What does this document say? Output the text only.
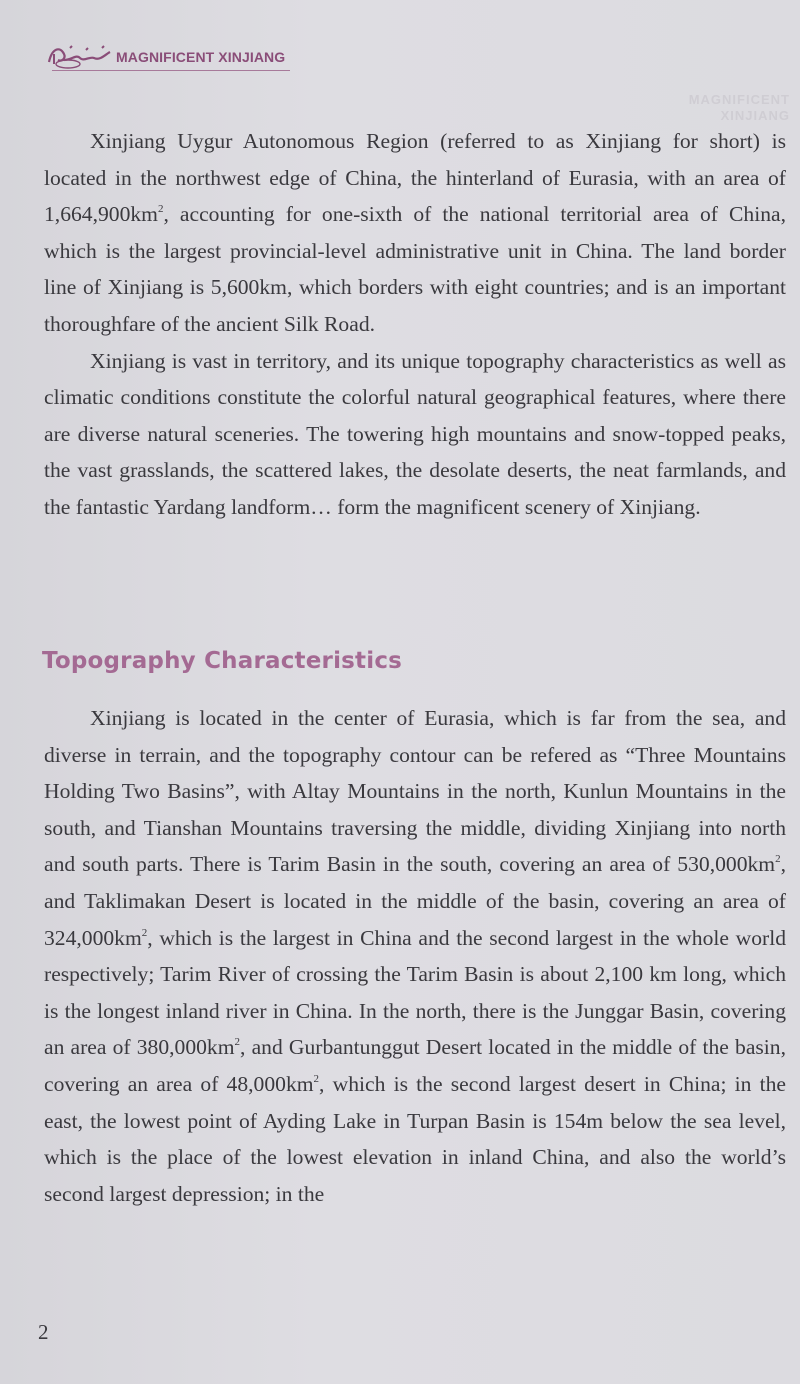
MAGNIFICENT XINJIANG
MAGNIFICENT
XINJIANG

Xinjiang Uygur Autonomous Region (referred to as Xinjiang for short) is located in the northwest edge of China, the hinterland of Eurasia, with an area of $1,664,900km^2$, accounting for one-sixth of the national territorial area of China, which is the largest provincial-level administrative unit in China. The land border line of Xinjiang is 5,600km, which borders with eight countries; and is an important thoroughfare of the ancient Silk Road.

Xinjiang is vast in territory, and its unique topography characteristics as well as climatic conditions constitute the colorful natural geographical features, where there are diverse natural sceneries. The towering high mountains and snow-topped peaks, the vast grasslands, the scattered lakes, the desolate deserts, the neat farmlands, and the fantastic Yardang landform… form the magnificent scenery of Xinjiang.

Topography Characteristics

Xinjiang is located in the center of Eurasia, which is far from the sea, and diverse in terrain, and the topography contour can be refered as “Three Mountains Holding Two Basins”, with Altay Mountains in the north, Kunlun Mountains in the south, and Tianshan Mountains traversing the middle, dividing Xinjiang into north and south parts. There is Tarim Basin in the south, covering an area of $530,000km^2$, and Taklimakan Desert is located in the middle of the basin, covering an area of $324,000km^2$, which is the largest in China and the second largest in the whole world respectively; Tarim River of crossing the Tarim Basin is about 2,100 km long, which is the longest inland river in China. In the north, there is the Junggar Basin, covering an area of $380,000km^2$, and Gurbantunggut Desert located in the middle of the basin, covering an area of $48,000km^2$, which is the second largest desert in China; in the east, the lowest point of Ayding Lake in Turpan Basin is 154m below the sea level, which is the place of the lowest elevation in inland China, and also the world’s second largest depression; in the

2
